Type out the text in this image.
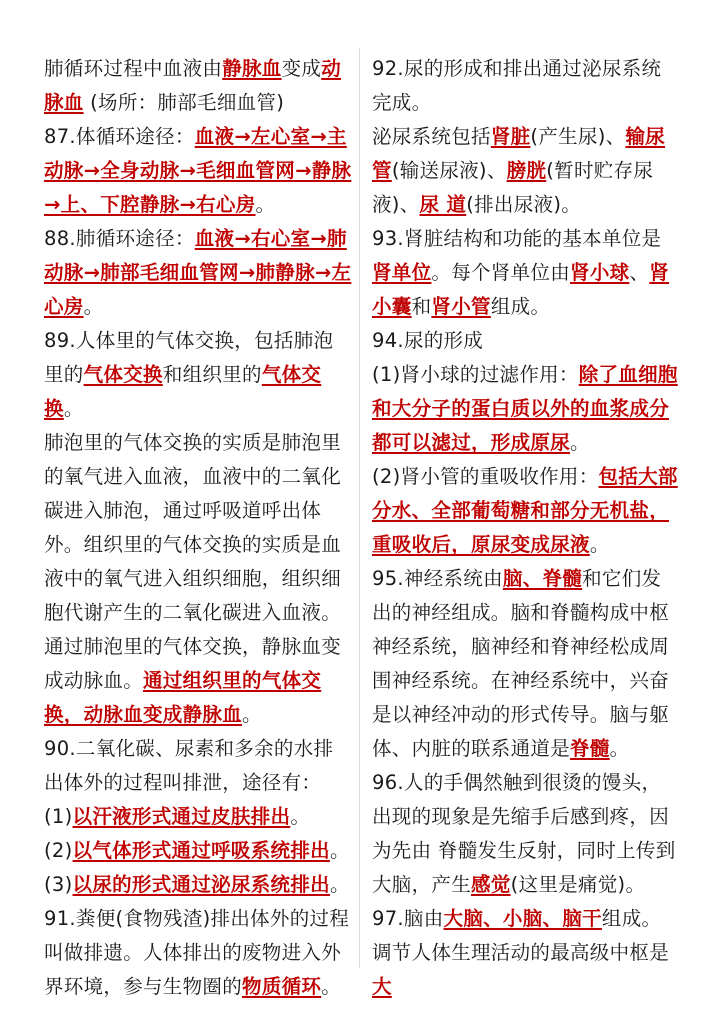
肺循环过程中血液由静脉血变成动脉血 (场所：肺部毛细血管)

87.体循环途径：血液→左心室→主动脉→全身动脉→毛细血管网→静脉→上、下腔静脉→右心房。

88.肺循环途径：血液→右心室→肺动脉→肺部毛细血管网→肺静脉→左心房。

89.人体里的气体交换，包括肺泡里的气体交换和组织里的气体交换。

肺泡里的气体交换的实质是肺泡里的氧气进入血液，血液中的二氧化碳进入肺泡，通过呼吸道呼出体外。组织里的气体交换的实质是血液中的氧气进入组织细胞，组织细胞代谢产生的二氧化碳进入血液。通过肺泡里的气体交换，静脉血变成动脉血。通过组织里的气体交换，动脉血变成静脉血。

90.二氧化碳、尿素和多余的水排出体外的过程叫排泄，途径有：

(1)以汗液形式通过皮肤排出。

(2)以气体形式通过呼吸系统排出。

(3)以尿的形式通过泌尿系统排出。

91.粪便(食物残渣)排出体外的过程叫做排遗。人体排出的废物进入外界环境，参与生物圈的物质循环。

92.尿的形成和排出通过泌尿系统完成。

泌尿系统包括肾脏(产生尿)、输尿管(输送尿液)、膀胱(暂时贮存尿液)、尿 道(排出尿液)。

93.肾脏结构和功能的基本单位是肾单位。每个肾单位由肾小球、肾小囊和肾小管组成。

94.尿的形成

(1)肾小球的过滤作用：除了血细胞和大分子的蛋白质以外的血浆成分都可以滤过，形成原尿。

(2)肾小管的重吸收作用：包括大部分水、全部葡萄糖和部分无机盐，重吸收后，原尿变成尿液。

95.神经系统由脑、脊髓和它们发出的神经组成。脑和脊髓构成中枢神经系统，脑神经和脊神经松成周围神经系统。在神经系统中，兴奋是以神经冲动的形式传导。脑与躯体、内脏的联系通道是脊髓。

96.人的手偶然触到很烫的馒头，出现的现象是先缩手后感到疼，因为先由 脊髓发生反射，同时上传到大脑，产生感觉(这里是痛觉)。

97.脑由大脑、小脑、脑干组成。调节人体生理活动的最高级中枢是大
